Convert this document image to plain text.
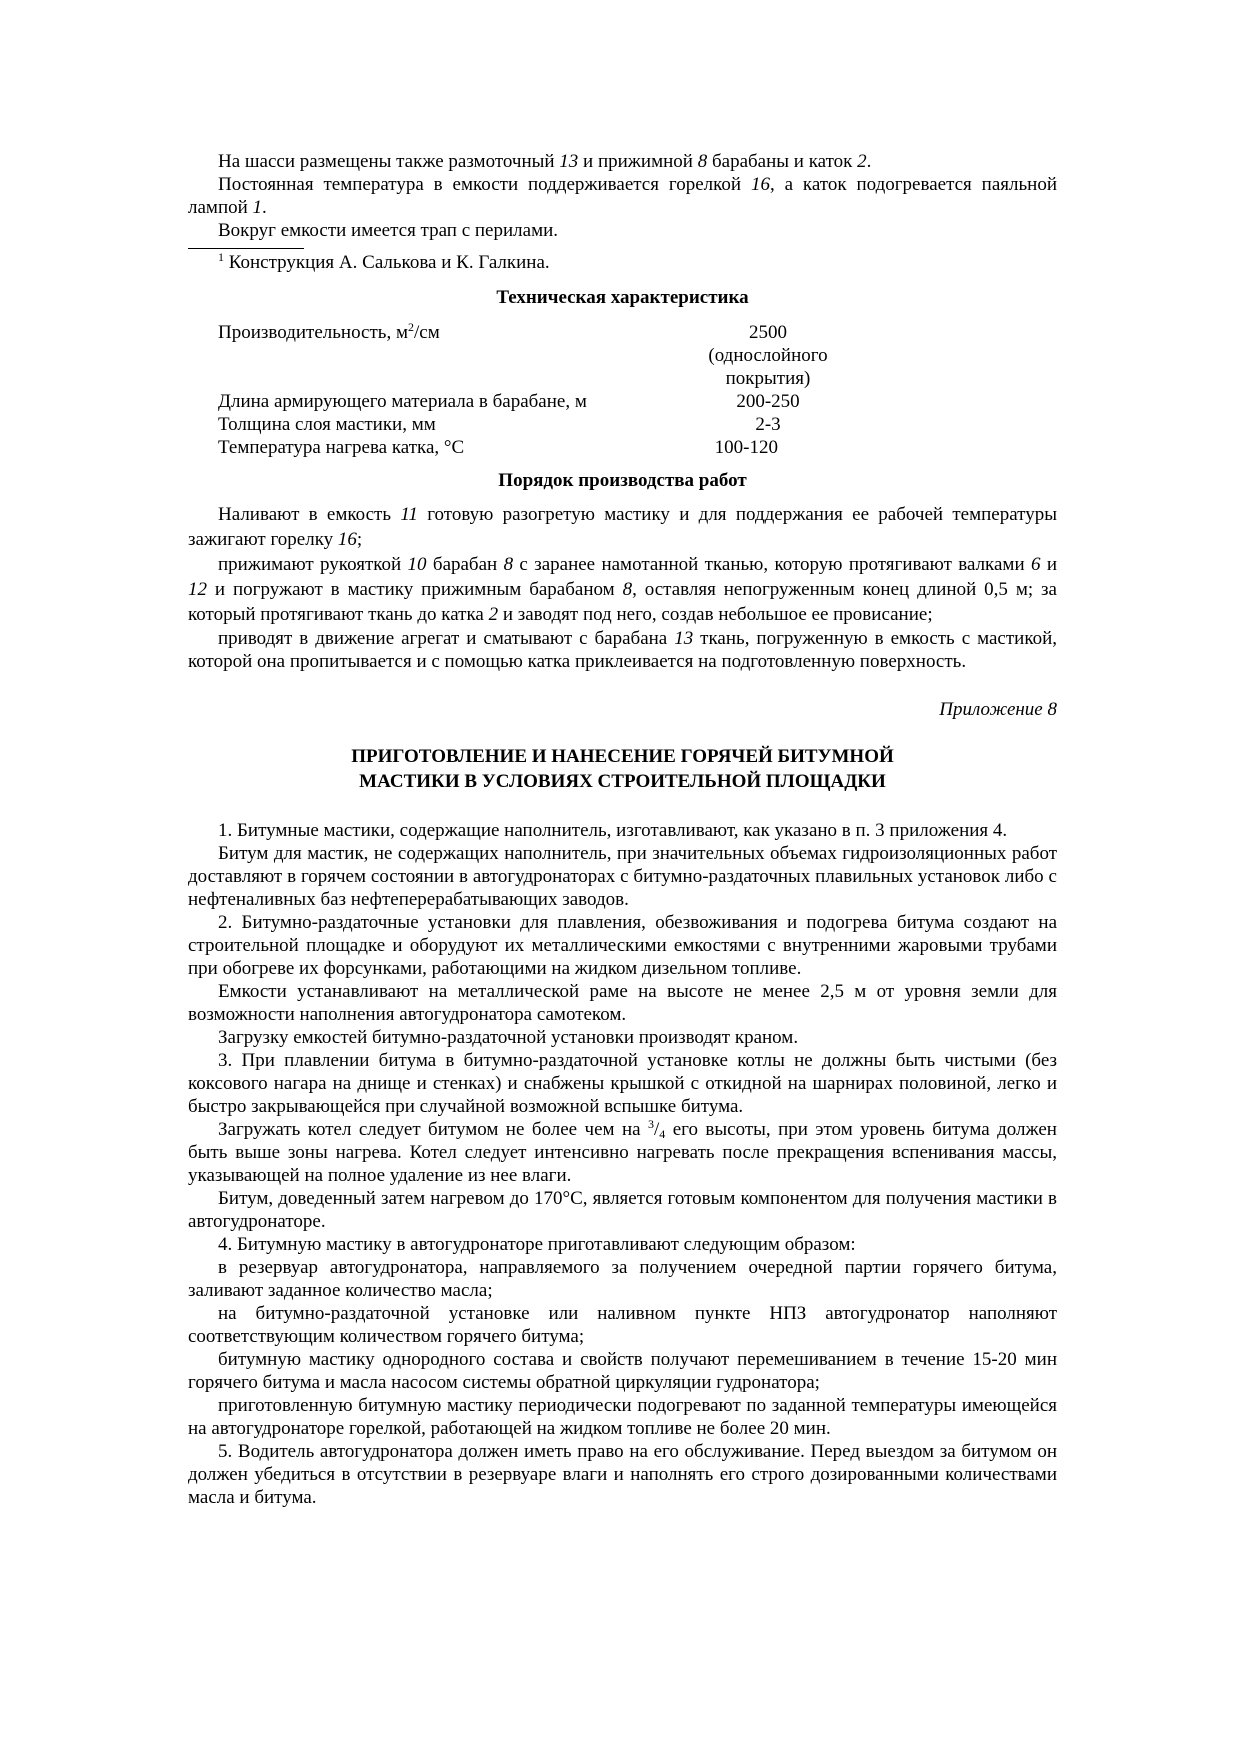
На шасси размещены также размоточный 13 и прижимной 8 барабаны и каток 2.

Постоянная температура в емкости поддерживается горелкой 16, а каток подогревается паяльной лампой 1.

Вокруг емкости имеется трап с перилами.

$^1$ Конструкция А. Салькова и К. Галкина.

Техническая характеристика

Производительность, $м^2/см$	2500
(однослойного
покрытия)
Длина армирующего материала в барабане, м	200-250
Толщина слоя мастики, мм	2-3
Температура нагрева катка, °С	100-120

Порядок производства работ

Наливают в емкость 11 готовую разогретую мастику и для поддержания ее рабочей температуры зажигают горелку 16;

прижимают рукояткой 10 барабан 8 с заранее намотанной тканью, которую протягивают валками 6 и 12 и погружают в мастику прижимным барабаном 8, оставляя непогруженным конец длиной 0,5 м; за который протягивают ткань до катка 2 и заводят под него, создав небольшое ее провисание;

приводят в движение агрегат и сматывают с барабана 13 ткань, погруженную в емкость с мастикой, которой она пропитывается и с помощью катка приклеивается на подготовленную поверхность.

Приложение 8

ПРИГОТОВЛЕНИЕ И НАНЕСЕНИЕ ГОРЯЧЕЙ БИТУМНОЙ
МАСТИКИ В УСЛОВИЯХ СТРОИТЕЛЬНОЙ ПЛОЩАДКИ

1. Битумные мастики, содержащие наполнитель, изготавливают, как указано в п. 3 приложения 4.

Битум для мастик, не содержащих наполнитель, при значительных объемах гидроизоляционных работ доставляют в горячем состоянии в автогудронаторах с битумно-раздаточных плавильных установок либо с нефтеналивных баз нефтеперерабатывающих заводов.

2. Битумно-раздаточные установки для плавления, обезвоживания и подогрева битума создают на строительной площадке и оборудуют их металлическими емкостями с внутренними жаровыми трубами при обогреве их форсунками, работающими на жидком дизельном топливе.

Емкости устанавливают на металлической раме на высоте не менее 2,5 м от уровня земли для возможности наполнения автогудронатора самотеком.

Загрузку емкостей битумно-раздаточной установки производят краном.

3. При плавлении битума в битумно-раздаточной установке котлы не должны быть чистыми (без коксового нагара на днище и стенках) и снабжены крышкой с откидной на шарнирах половиной, легко и быстро закрывающейся при случайной возможной вспышке битума.

Загружать котел следует битумом не более чем на $^3/_4$ его высоты, при этом уровень битума должен быть выше зоны нагрева. Котел следует интенсивно нагревать после прекращения вспенивания массы, указывающей на полное удаление из нее влаги.

Битум, доведенный затем нагревом до 170°С, является готовым компонентом для получения мастики в автогудронаторе.

4. Битумную мастику в автогудронаторе приготавливают следующим образом:

в резервуар автогудронатора, направляемого за получением очередной партии горячего битума, заливают заданное количество масла;

на битумно-раздаточной установке или наливном пункте НПЗ автогудронатор наполняют соответствующим количеством горячего битума;

битумную мастику однородного состава и свойств получают перемешиванием в течение 15-20 мин горячего битума и масла насосом системы обратной циркуляции гудронатора;

приготовленную битумную мастику периодически подогревают по заданной температуры имеющейся на автогудронаторе горелкой, работающей на жидком топливе не более 20 мин.

5. Водитель автогудронатора должен иметь право на его обслуживание. Перед выездом за битумом он должен убедиться в отсутствии в резервуаре влаги и наполнять его строго дозированными количествами масла и битума.
